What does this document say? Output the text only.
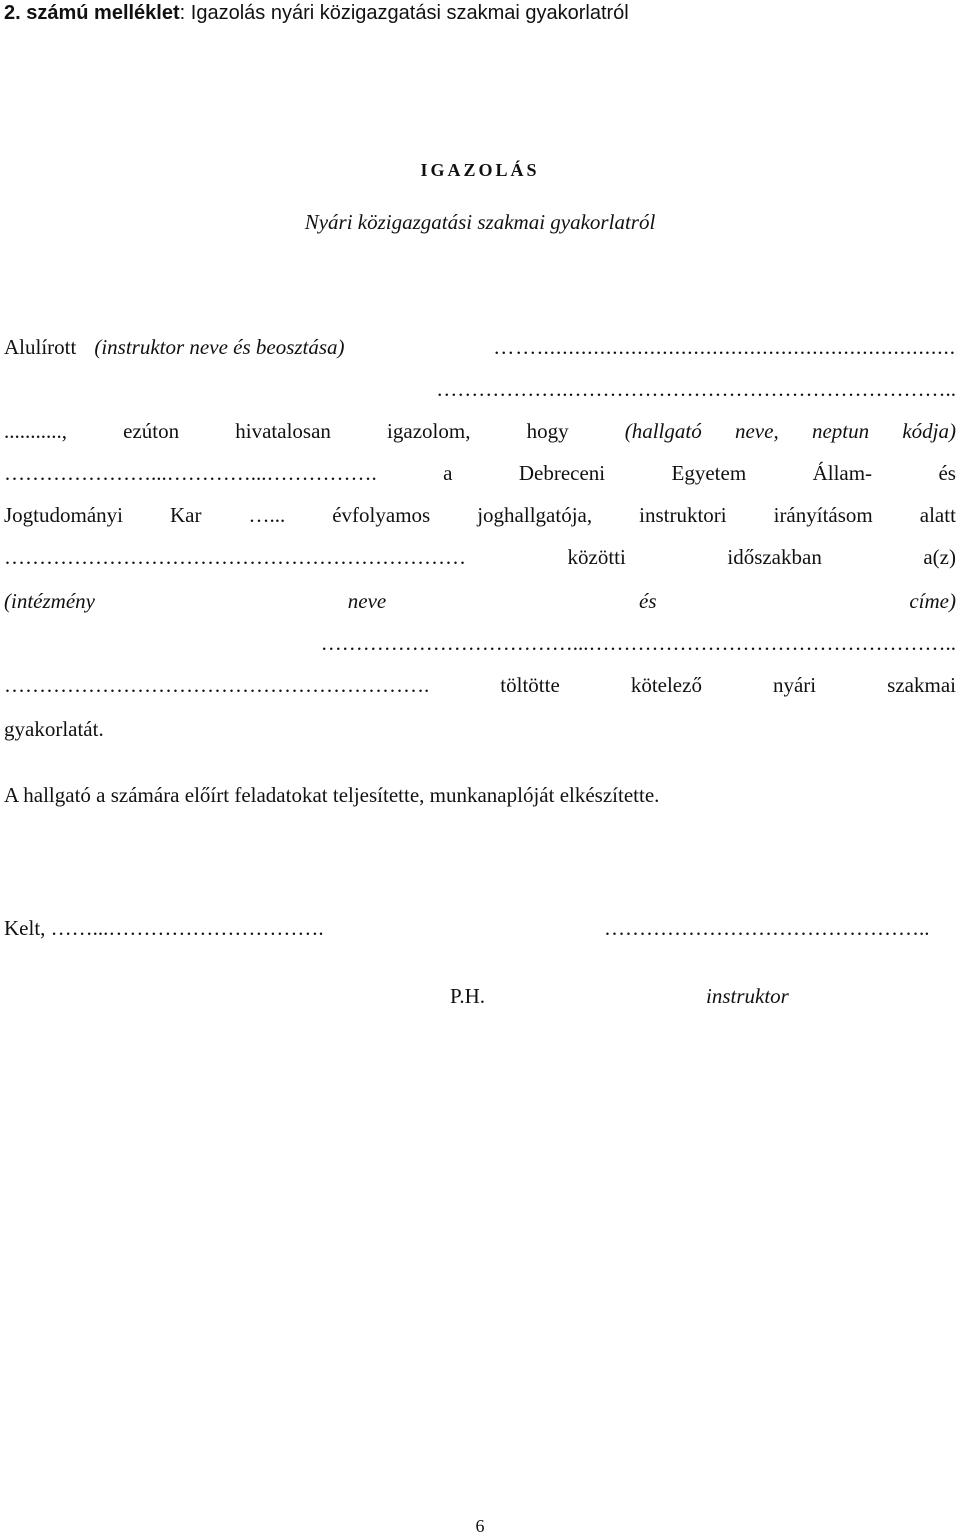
2. számú melléklet: Igazolás nyári közigazgatási szakmai gyakorlatról
IGAZOLÁS
Nyári közigazgatási szakmai gyakorlatról
Alulírott (instruktor neve és beosztása)	……...................................................................
……………….………………………………………………..
...........,	ezúton	hivatalosan	igazolom,	hogy	(hallgató neve, neptun kódja)
…………………...…………...…………….	a	Debreceni	Egyetem	Állam-	és
Jogtudományi Kar …... évfolyamos joghallgatója, instruktori irányításom alatt
…………………………………………………………	közötti	időszakban	a(z)
(intézmény	neve	és	címe)
………………………………...……………………………………………..
…………………………………………………….	töltötte	kötelező	nyári	szakmai
gyakorlatát.
A hallgató a számára előírt feladatokat teljesítette, munkanaplóját elkészítette.
Kelt, ……...………………………….	………………………………………..
P.H.	instruktor
6
